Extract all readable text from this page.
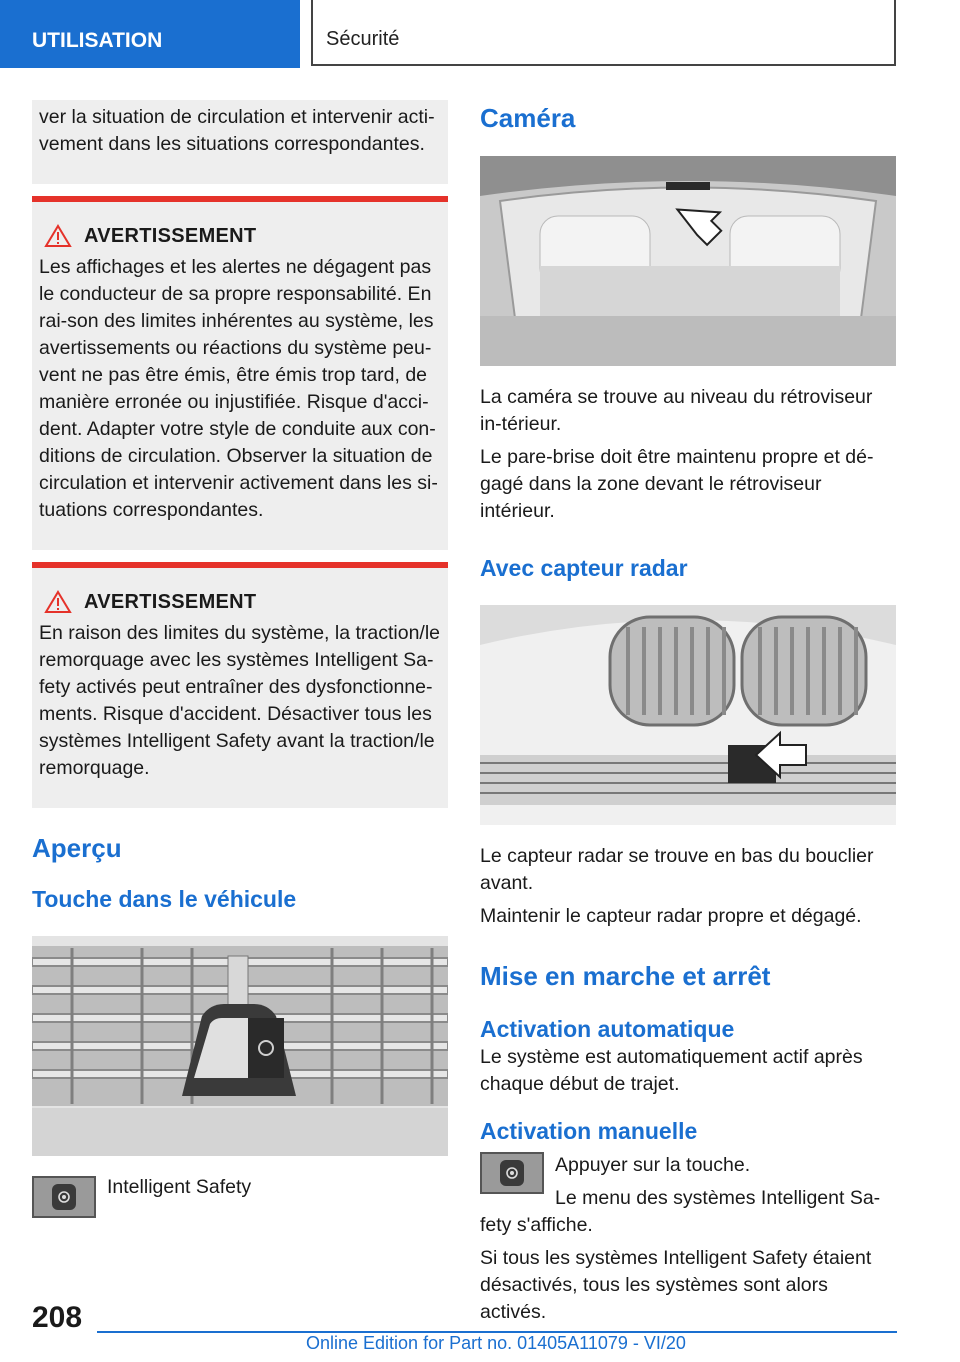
UTILISATION	Sécurité

ver la situation de circulation et intervenir acti-vement dans les situations correspondantes.

AVERTISSEMENT

Les affichages et les alertes ne dégagent pas le conducteur de sa propre responsabilité. En rai-son des limites inhérentes au système, les avertissements ou réactions du système peu-vent ne pas être émis, être émis trop tard, de manière erronée ou injustifiée. Risque d'acci-dent. Adapter votre style de conduite aux con-ditions de circulation. Observer la situation de circulation et intervenir activement dans les si-tuations correspondantes.

AVERTISSEMENT

En raison des limites du système, la traction/le remorquage avec les systèmes Intelligent Sa-fety activés peut entraîner des dysfonctionne-ments. Risque d'accident. Désactiver tous les systèmes Intelligent Safety avant la traction/le remorquage.

Aperçu
Touche dans le véhicule

Intelligent Safety

Caméra

La caméra se trouve au niveau du rétroviseur in-térieur.

Le pare-brise doit être maintenu propre et dé-gagé dans la zone devant le rétroviseur intérieur.

Avec capteur radar

Le capteur radar se trouve en bas du bouclier avant.

Maintenir le capteur radar propre et dégagé.

Mise en marche et arrêt
Activation automatique

Le système est automatiquement actif après chaque début de trajet.

Activation manuelle

Appuyer sur la touche.

Le menu des systèmes Intelligent Sa-

fety s'affiche.

Si tous les systèmes Intelligent Safety étaient désactivés, tous les systèmes sont alors activés.

208
Online Edition for Part no. 01405A11079 - VI/20
